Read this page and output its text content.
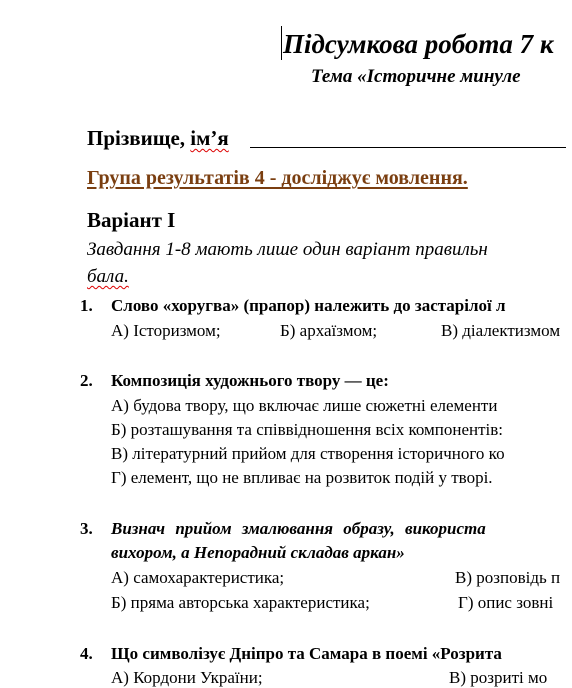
Підсумкова робота 7 к
Тема «Історичне минуле
Прізвище, ім’я
Група результатів 4 - досліджує мовлення.
Варіант І
Завдання 1-8 мають лише один варіант правильн
бала.
1. Слово «хоругва» (прапор) належить до застарілої л
А) Історизмом;	Б) архаїзмом;	В) діалектизмом
2. Композиція художнього твору — це:
А) будова твору, що включає лише сюжетні елементи
Б) розташування та співвідношення всіх компонентів:
В) літературний прийом для створення історичного ко
Г) елемент, що не впливає на розвиток подій у творі.
3. Визнач прийом змалювання образу, використа
вихором, а Непорадний складав аркан»
А) самохарактеристика;	В) розповідь п
Б) пряма авторська характеристика;	Г) опис зовні
4. Що символізує Дніпро та Самара в поемі «Розрита
А) Кордони України;	В) розриті мо
